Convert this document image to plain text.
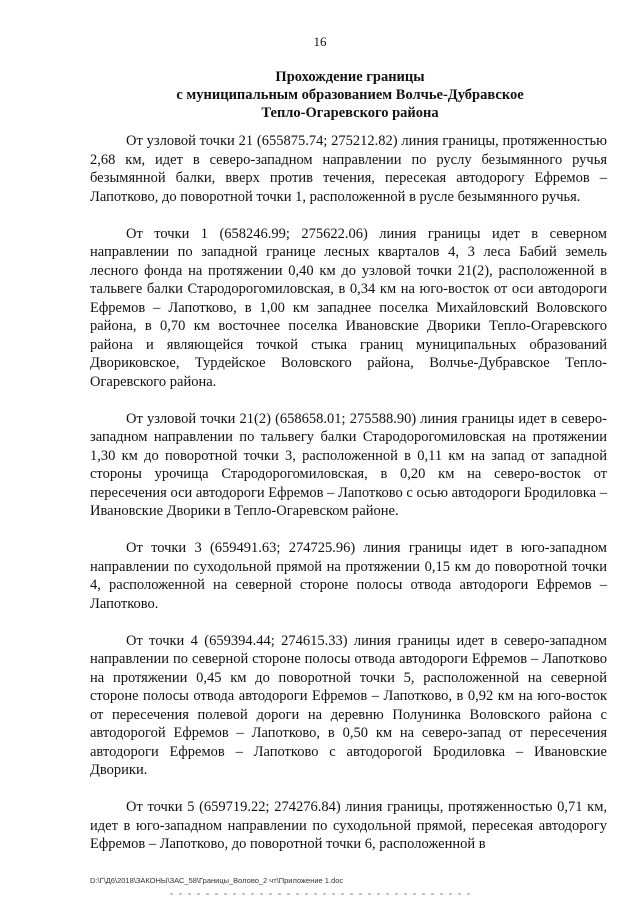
16
Прохождение границы
с муниципальным образованием Волчье-Дубравское
Тепло-Огаревского района

От узловой точки 21 (655875.74; 275212.82) линия границы, протяженностью 2,68 км, идет в северо-западном направлении по руслу безымянного ручья безымянной балки, вверх против течения, пересекая автодорогу Ефремов – Лапотково, до поворотной точки 1, расположенной в русле безымянного ручья.

От точки 1 (658246.99; 275622.06) линия границы идет в северном направлении по западной границе лесных кварталов 4, 3 леса Бабий земель лесного фонда на протяжении 0,40 км до узловой точки 21(2), расположенной в тальвеге балки Стародорогомиловская, в 0,34 км на юго-восток от оси автодороги Ефремов – Лапотково, в 1,00 км западнее поселка Михайловский Воловского района, в 0,70 км восточнее поселка Ивановские Дворики Тепло-Огаревского района и являющейся точкой стыка границ муниципальных образований Двориковское, Турдейское Воловского района, Волчье-Дубравское Тепло-Огаревского района.

От узловой точки 21(2) (658658.01; 275588.90) линия границы идет в северо-западном направлении по тальвегу балки Стародорогомиловская на протяжении 1,30 км до поворотной точки 3, расположенной в 0,11 км на запад от западной стороны урочища Стародорогомиловская, в 0,20 км на северо-восток от пересечения оси автодороги Ефремов – Лапотково с осью автодороги Бродиловка – Ивановские Дворики в Тепло-Огаревском районе.

От точки 3 (659491.63; 274725.96) линия границы идет в юго-западном направлении по суходольной прямой на протяжении 0,15 км до поворотной точки 4, расположенной на северной стороне полосы отвода автодороги Ефремов – Лапотково.

От точки 4 (659394.44; 274615.33) линия границы идет в северо-западном направлении по северной стороне полосы отвода автодороги Ефремов – Лапотково на протяжении 0,45 км до поворотной точки 5, расположенной на северной стороне полосы отвода автодороги Ефремов – Лапотково, в 0,92 км на юго-восток от пересечения полевой дороги на деревню Полунинка Воловского района с автодорогой Ефремов – Лапотково, в 0,50 км на северо-запад от пересечения автодороги Ефремов – Лапотково с автодорогой Бродиловка – Ивановские Дворики.

От точки 5 (659719.22; 274276.84) линия границы, протяженностью 0,71 км, идет в юго-западном направлении по суходольной прямой, пересекая автодорогу Ефремов – Лапотково, до поворотной точки 6, расположенной в

D:\Г\Д6\2018\ЗАКОНЫ\ЗАС_58\Границы_Волово_2 чт\Приложение 1.doc
